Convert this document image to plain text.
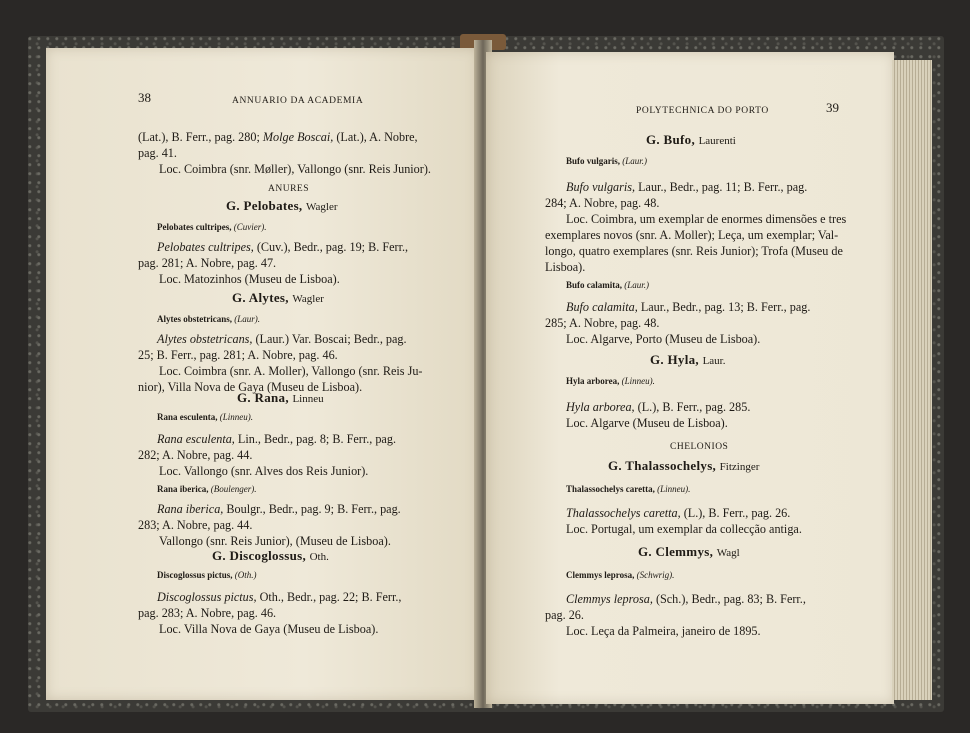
38	ANNUARIO DA ACADEMIA
(Lat.), B. Ferr., pag. 280; Molge Boscai, (Lat.), A. Nobre,
pag. 41.
Loc. Coimbra (snr. Møller), Vallongo (snr. Reis Junior).
ANURES
G. Pelobates, Wagler
Pelobates cultripes, (Cuvier).
Pelobates cultripes, (Cuv.), Bedr., pag. 19; B. Ferr.,
pag. 281; A. Nobre, pag. 47.
Loc. Matozinhos (Museu de Lisboa).
G. Alytes, Wagler
Alytes obstetricans, (Laur).
Alytes obstetricans, (Laur.) Var. Boscai; Bedr., pag.
25; B. Ferr., pag. 281; A. Nobre, pag. 46.
Loc. Coimbra (snr. A. Moller), Vallongo (snr. Reis Ju-
nior), Villa Nova de Gaya (Museu de Lisboa).
G. Rana, Linneu
Rana esculenta, (Linneu).
Rana esculenta, Lin., Bedr., pag. 8; B. Ferr., pag.
282; A. Nobre, pag. 44.
Loc. Vallongo (snr. Alves dos Reis Junior).
Rana iberica, (Boulenger).
Rana iberica, Boulgr., Bedr., pag. 9; B. Ferr., pag.
283; A. Nobre, pag. 44.
Vallongo (snr. Reis Junior), (Museu de Lisboa).
G. Discoglossus, Oth.
Discoglossus pictus, (Oth.)
Discoglossus pictus, Oth., Bedr., pag. 22; B. Ferr.,
pag. 283; A. Nobre, pag. 46.
Loc. Villa Nova de Gaya (Museu de Lisboa).
POLYTECHNICA DO PORTO	39
G. Bufo, Laurenti
Bufo vulgaris, (Laur.)
Bufo vulgaris, Laur., Bedr., pag. 11; B. Ferr., pag.
284; A. Nobre, pag. 48.
Loc. Coimbra, um exemplar de enormes dimensões e tres
exemplares novos (snr. A. Moller); Leça, um exemplar; Val-
longo, quatro exemplares (snr. Reis Junior); Trofa (Museu de
Lisboa).
Bufo calamita, (Laur.)
Bufo calamita, Laur., Bedr., pag. 13; B. Ferr., pag.
285; A. Nobre, pag. 48.
Loc. Algarve, Porto (Museu de Lisboa).
G. Hyla, Laur.
Hyla arborea, (Linneu).
Hyla arborea, (L.), B. Ferr., pag. 285.
Loc. Algarve (Museu de Lisboa).
CHELONIOS
G. Thalassochelys, Fitzinger
Thalassochelys caretta, (Linneu).
Thalassochelys caretta, (L.), B. Ferr., pag. 26.
Loc. Portugal, um exemplar da collecção antiga.
G. Clemmys, Wagl
Clemmys leprosa, (Schwrig).
Clemmys leprosa, (Sch.), Bedr., pag. 83; B. Ferr.,
pag. 26.
Loc. Leça da Palmeira, janeiro de 1895.
